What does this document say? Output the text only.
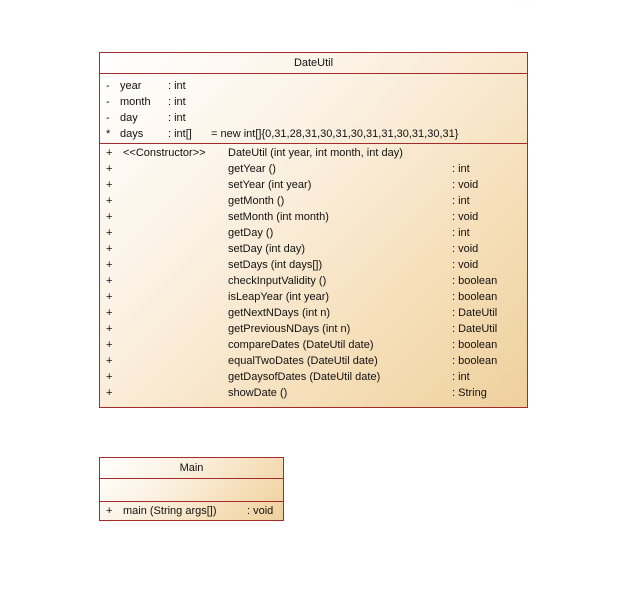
DateUtil
- year : int
- month : int
- day	: int
* days : int[] = new int[]{0,31,28,31,30,31,30,31,31,30,31,30,31}
+ <<Constructor>> DateUtil (int year, int month, int day)
+	getYear ()	: int
+	setYear (int year)	: void
+	getMonth ()	: int
+	setMonth (int month)	: void
+	getDay ()	: int
+	setDay (int day)	: void
+	setDays (int days[])	: void
+	checkInputValidity ()	: boolean
+	isLeapYear (int year)	: boolean
+	getNextNDays (int n)	: DateUtil
+	getPreviousNDays (int n)	: DateUtil
+	compareDates (DateUtil date)	: boolean
+	equalTwoDates (DateUtil date)	: boolean
+	getDaysofDates (DateUtil date)	: int
+	showDate ()	: String
Main
+ main (String args[])	: void
